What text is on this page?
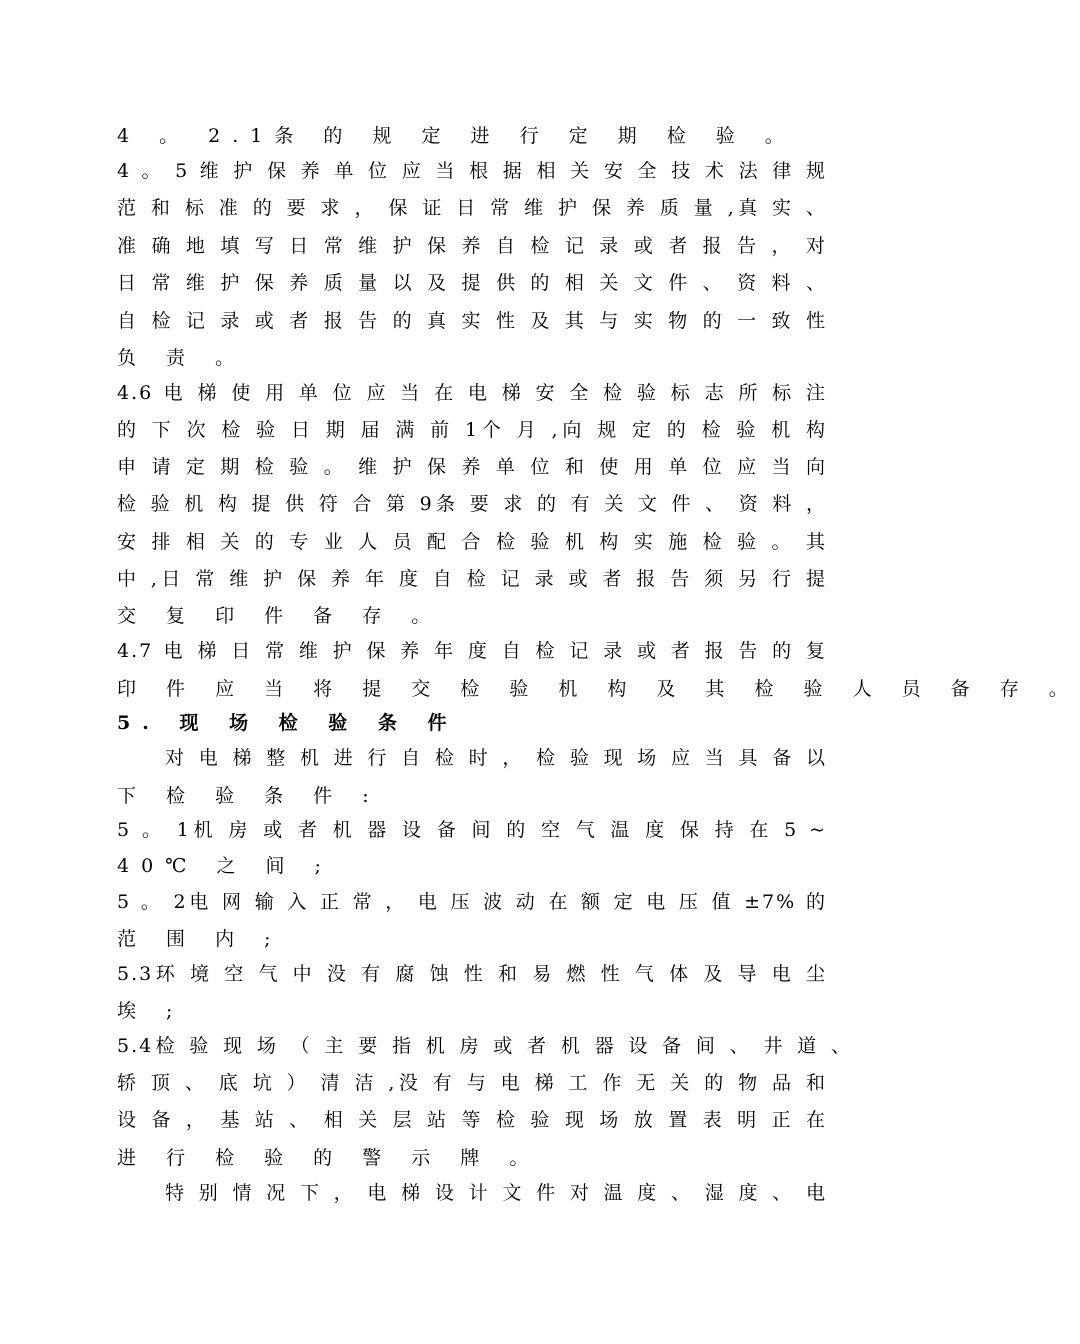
4 。 2.1条 的 规 定 进 行 定 期 检 验 。
4 。 5 维 护 保 养 单 位 应 当 根 据 相 关 安 全 技 术 法 律 规
范 和 标 准 的 要 求 ， 保 证 日 常 维 护 保 养 质 量 ,真 实 、
准 确 地 填 写 日 常 维 护 保 养 自 检 记 录 或 者 报 告 ， 对
日 常 维 护 保 养 质 量 以 及 提 供 的 相 关 文 件 、 资 料 、
自 检 记 录 或 者 报 告 的 真 实 性 及 其 与 实 物 的 一 致 性
负 责 。
4.6 电 梯 使 用 单 位 应 当 在 电 梯 安 全 检 验 标 志 所 标 注
的 下 次 检 验 日 期 届 满 前 1个 月 ,向 规 定 的 检 验 机 构
申 请 定 期 检 验 。 维 护 保 养 单 位 和 使 用 单 位 应 当 向
检 验 机 构 提 供 符 合 第 9条 要 求 的 有 关 文 件 、 资 料 ，
安 排 相 关 的 专 业 人 员 配 合 检 验 机 构 实 施 检 验 。 其
中 ,日 常 维 护 保 养 年 度 自 检 记 录 或 者 报 告 须 另 行 提
交 复 印 件 备 存 。
4.7 电 梯 日 常 维 护 保 养 年 度 自 检 记 录 或 者 报 告 的 复
印 件 应 当 将 提 交 检 验 机 构 及 其 检 验 人 员 备 存 。
5. 现 场 检 验 条 件
对 电 梯 整 机 进 行 自 检 时 ， 检 验 现 场 应 当 具 备 以
下 检 验 条 件 :
5 。 1机 房 或 者 机 器 设 备 间 的 空 气 温 度 保 持 在 5 ~
40℃ 之 间 ;
5 。 2电 网 输 入 正 常 ， 电 压 波 动 在 额 定 电 压 值 ±7% 的
范 围 内 ;
5.3环 境 空 气 中 没 有 腐 蚀 性 和 易 燃 性 气 体 及 导 电 尘
埃 ;
5.4检 验 现 场 （ 主 要 指 机 房 或 者 机 器 设 备 间 、 井 道 、
轿 顶 、 底 坑 ） 清 洁 ,没 有 与 电 梯 工 作 无 关 的 物 品 和
设 备 ， 基 站 、 相 关 层 站 等 检 验 现 场 放 置 表 明 正 在
进 行 检 验 的 警 示 牌 。
特 别 情 况 下 ， 电 梯 设 计 文 件 对 温 度 、 湿 度 、 电
